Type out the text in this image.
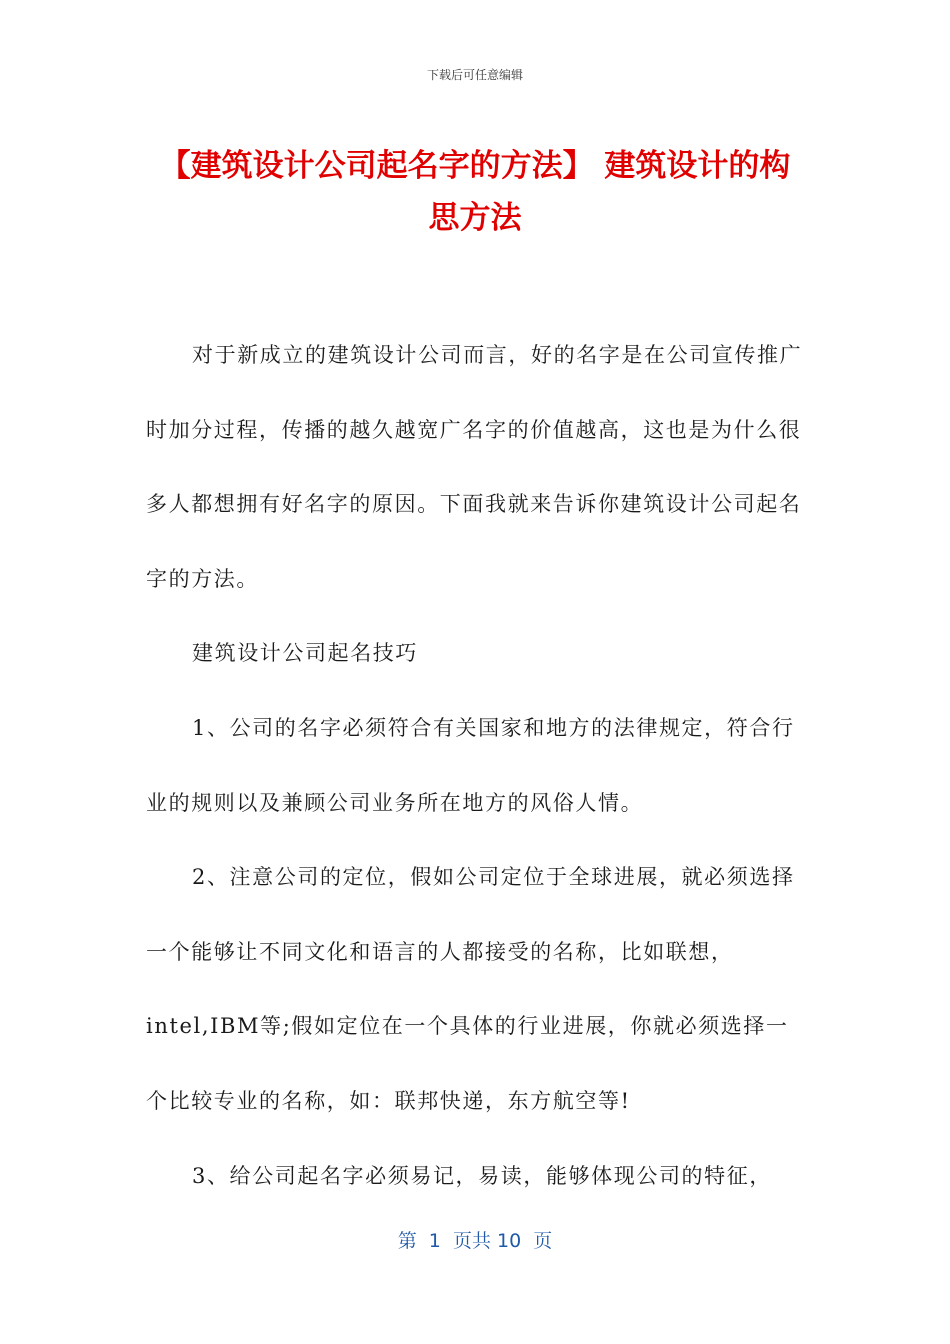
下载后可任意编辑
【建筑设计公司起名字的方法】 建筑设计的构思方法

对于新成立的建筑设计公司而言，好的名字是在公司宣传推广时加分过程，传播的越久越宽广名字的价值越高，这也是为什么很多人都想拥有好名字的原因。下面我就来告诉你建筑设计公司起名字的方法。

建筑设计公司起名技巧

1、公司的名字必须符合有关国家和地方的法律规定，符合行业的规则以及兼顾公司业务所在地方的风俗人情。

2、注意公司的定位，假如公司定位于全球进展，就必须选择一个能够让不同文化和语言的人都接受的名称，比如联想，intel,IBM等;假如定位在一个具体的行业进展，你就必须选择一个比较专业的名称，如：联邦快递，东方航空等!

3、给公司起名字必须易记，易读，能够体现公司的特征，

第  1  页共 10  页
